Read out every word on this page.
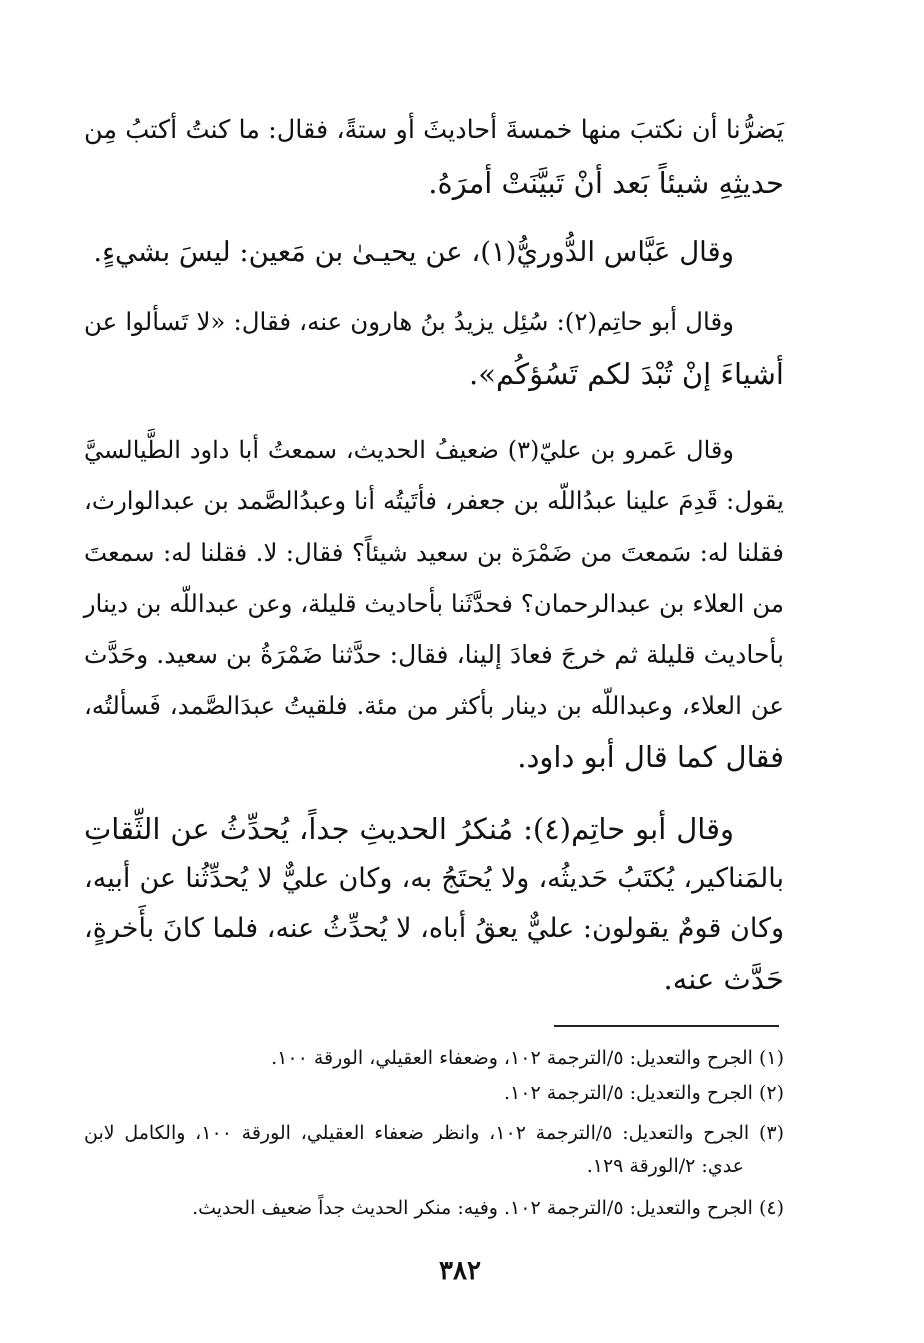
يَضرُّنا أن نكتبَ منها خمسةَ أحاديثَ أو ستةً، فقال: ما كنتُ أكتبُ مِن
حديثِهِ شيئاً بَعد أنْ تَبيَّنَتْ أمرَهُ.
وقال عَبَّاس الدُّوريُّ(١)، عن يحيـىٰ بن مَعين: ليسَ بشيءٍ.
وقال أبو حاتِم(٢): سُئِل يزيدُ بنُ هارون عنه، فقال: «لا تَسألوا عن
أشياءَ إنْ تُبْدَ لكم تَسُؤكُم».
وقال عَمرو بن عليّ(٣) ضعيفُ الحديث، سمعتُ أبا داود الطَّيالسيَّ
يقول: قَدِمَ علينا عبدُاللّه بن جعفر، فأتَيتُه أنا وعبدُالصَّمد بن عبدالوارث،
فقلنا له: سَمعتَ من ضَمْرَة بن سعيد شيئاً؟ فقال: لا. فقلنا له: سمعتَ
من العلاء بن عبدالرحمان؟ فحدَّثَنا بأحاديث قليلة، وعن عبداللّه بن دينار
بأحاديث قليلة ثم خرجَ فعادَ إلينا، فقال: حدَّثنا ضَمْرَةُ بن سعيد. وحَدَّث
عن العلاء، وعبداللّه بن دينار بأكثر من مئة. فلقيتُ عبدَالصَّمد، فَسألتُه،
فقال كما قال أبو داود.
وقال أبو حاتِم(٤): مُنكرُ الحديثِ جداً، يُحدِّثُ عن الثِّقاتِ
بالمَناكير، يُكتَبُ حَديثُه، ولا يُحتَجُ به، وكان عليٌّ لا يُحدِّثُنا عن أبيه،
وكان قومٌ يقولون: عليٌّ يعقُ أباه، لا يُحدِّثُ عنه، فلما كانَ بأَخرةٍ،
حَدَّث عنه.
(١) الجرح والتعديل: ٥/الترجمة ١٠٢، وضعفاء العقيلي، الورقة ١٠٠.
(٢) الجرح والتعديل: ٥/الترجمة ١٠٢.
(٣) الجرح والتعديل: ٥/الترجمة ١٠٢، وانظر ضعفاء العقيلي، الورقة ١٠٠، والكامل لابن
عدي: ٢/الورقة ١٢٩.
(٤) الجرح والتعديل: ٥/الترجمة ١٠٢. وفيه: منكر الحديث جداً ضعيف الحديث.
٣٨٢
